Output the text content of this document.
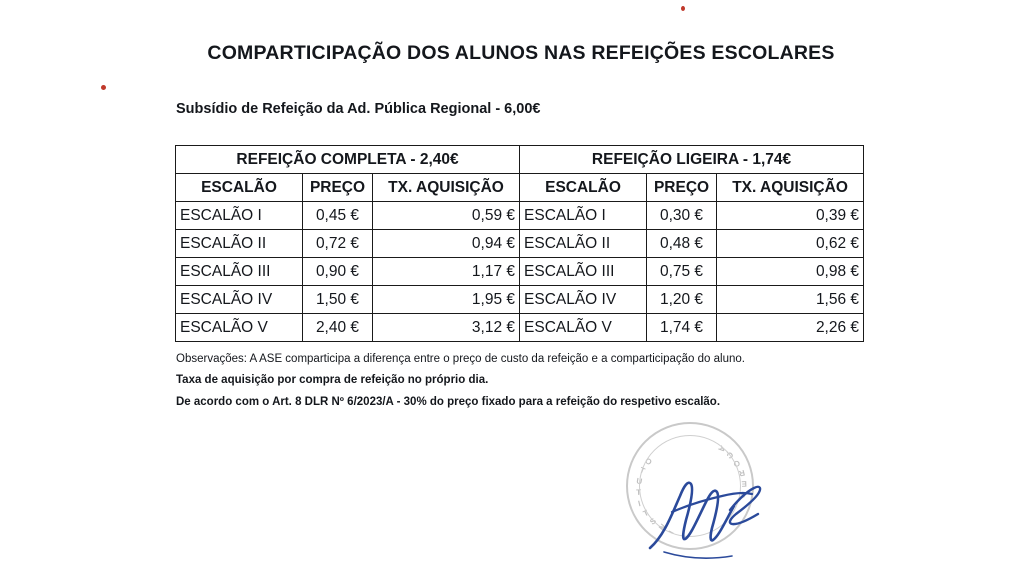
COMPARTICIPAÇÃO DOS ALUNOS NAS REFEIÇÕES ESCOLARES
Subsídio de Refeição da Ad. Pública Regional - 6,00€
REFEIÇÃO COMPLETA - 2,40€			REFEIÇÃO LIGEIRA - 1,74€		
ESCALÃO	PREÇO	TX. AQUISIÇÃO	ESCALÃO	PREÇO	TX. AQUISIÇÃO
ESCALÃO I	0,45 €	0,59 €	ESCALÃO I	0,30 €	0,39 €
ESCALÃO II	0,72 €	0,94 €	ESCALÃO II	0,48 €	0,62 €
ESCALÃO III	0,90 €	1,17 €	ESCALÃO III	0,75 €	0,98 €
ESCALÃO IV	1,50 €	1,95 €	ESCALÃO IV	1,20 €	1,56 €
ESCALÃO V	2,40 €	3,12 €	ESCALÃO V	1,74 €	2,26 €
Observações: A ASE comparticipa a diferença entre o preço de custo da refeição e a comparticipação do aluno.
Taxa de aquisição por compra de refeição no próprio dia.
De acordo com o Art. 8 DLR Nº 6/2023/A - 30% do preço fixado para a refeição do respetivo escalão.
I
N
S
T
I
T
U
T
O
A
Ç
O
R
E
S
